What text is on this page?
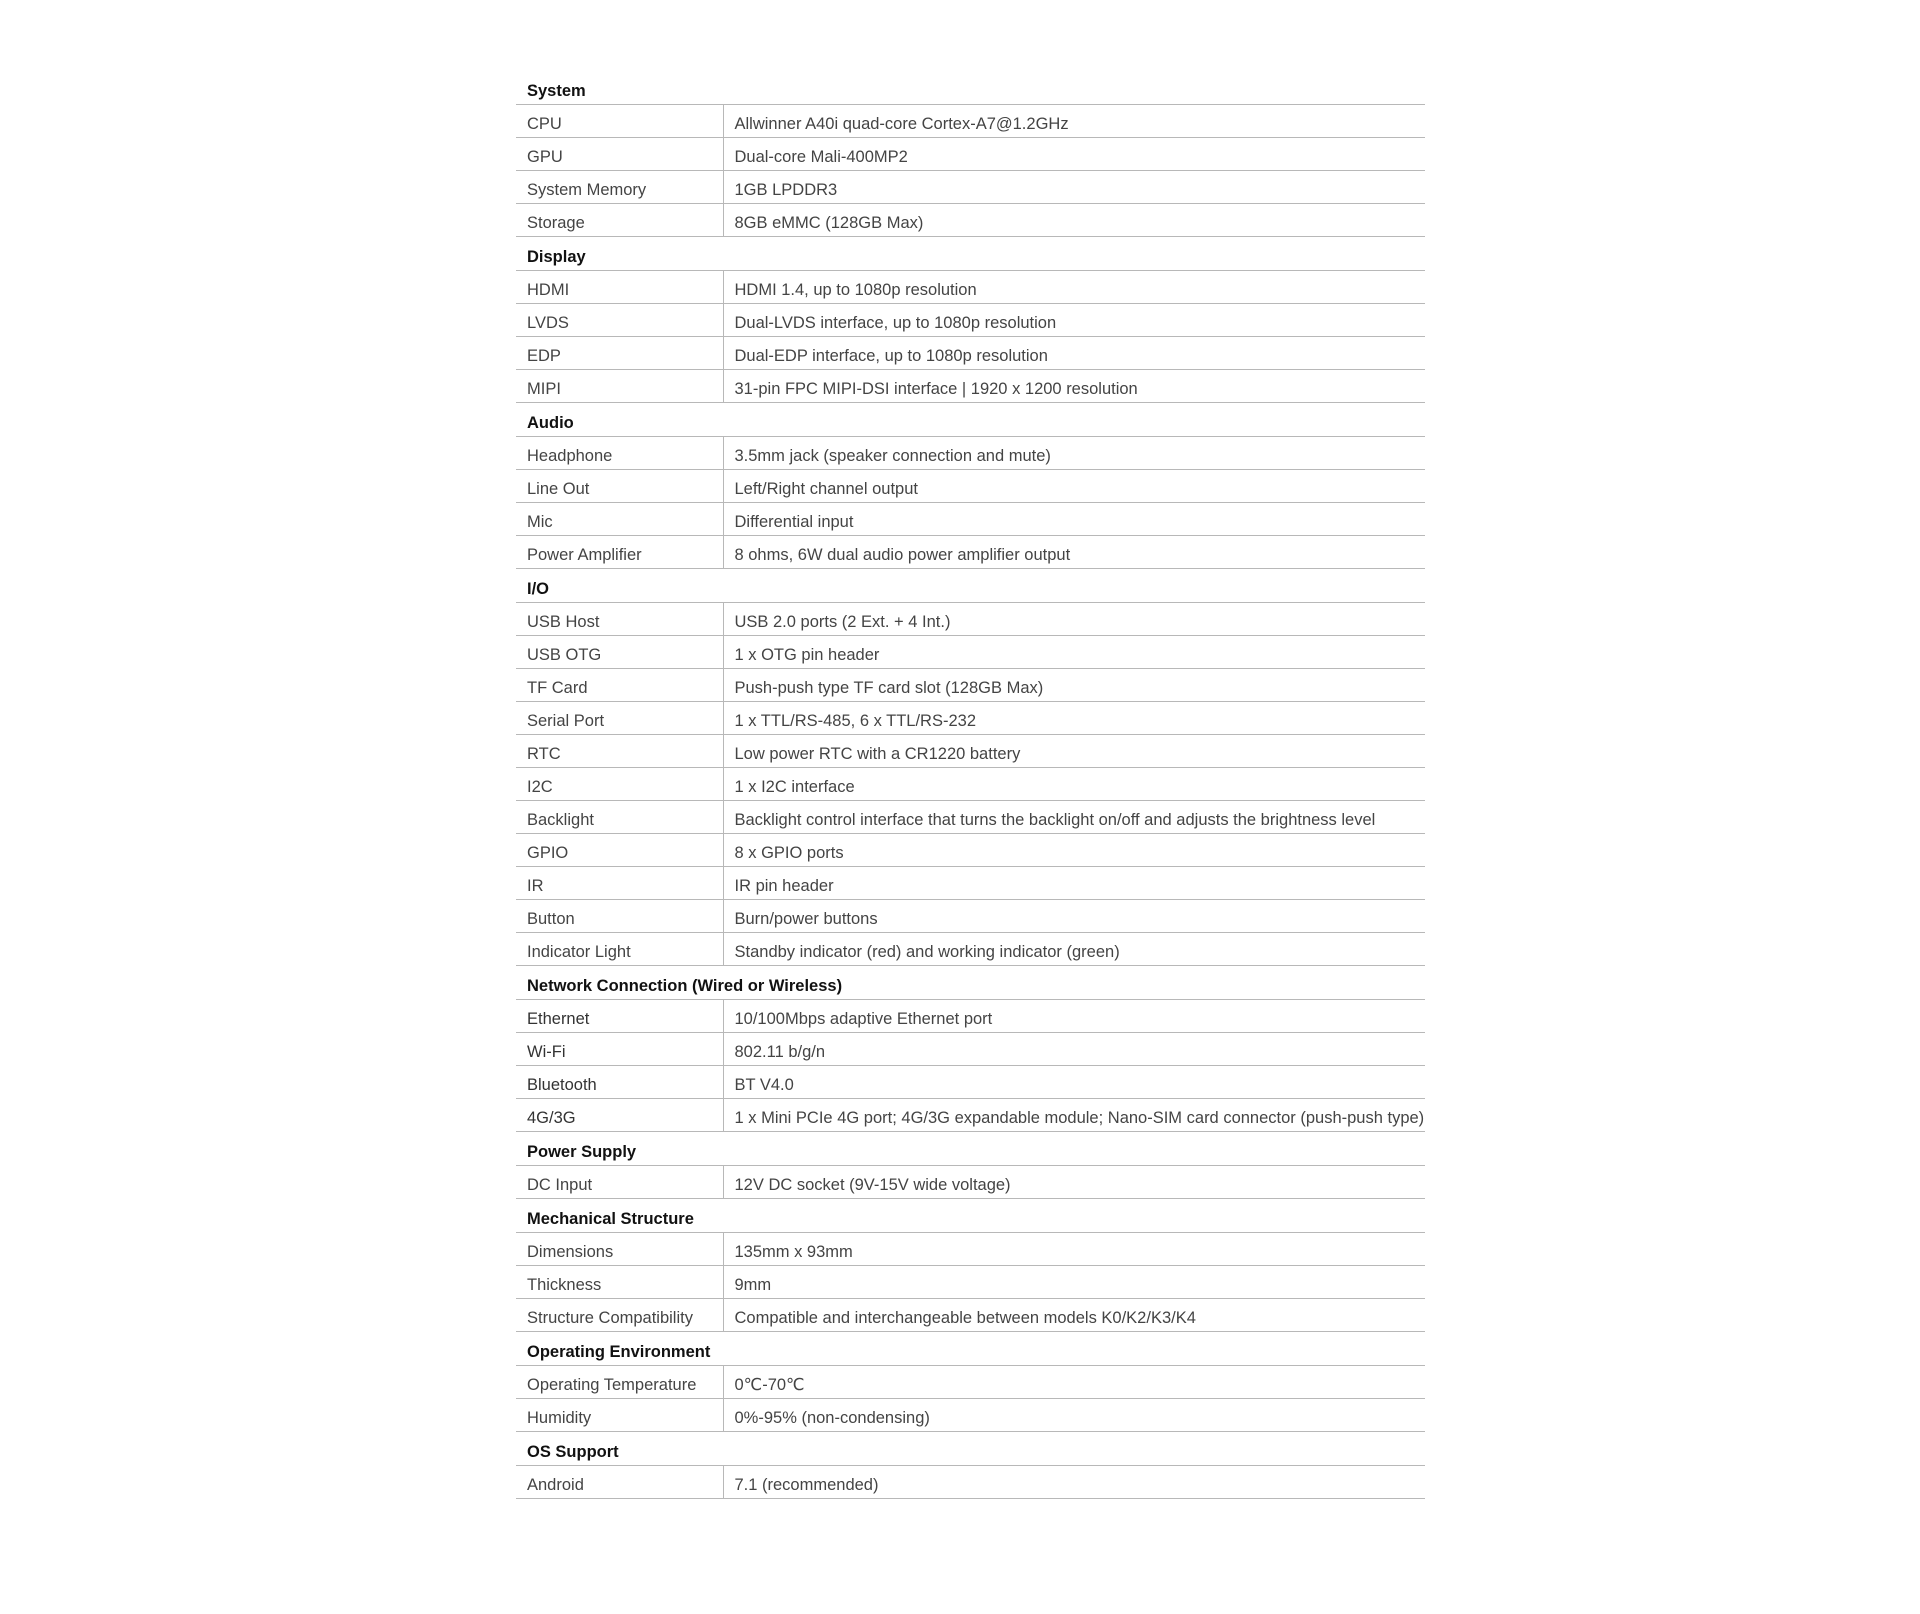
System	
CPU	Allwinner A40i quad-core Cortex-A7@1.2GHz
GPU	Dual-core Mali-400MP2
System Memory	1GB LPDDR3
Storage	8GB eMMC (128GB Max)
Display	
HDMI	HDMI 1.4, up to 1080p resolution
LVDS	Dual-LVDS interface, up to 1080p resolution
EDP	Dual-EDP interface, up to 1080p resolution
MIPI	31-pin FPC MIPI-DSI interface | 1920 x 1200 resolution
Audio	
Headphone	3.5mm jack (speaker connection and mute)
Line Out	Left/Right channel output
Mic	Differential input
Power Amplifier	8 ohms, 6W dual audio power amplifier output
I/O	
USB Host	USB 2.0 ports (2 Ext. + 4 Int.)
USB OTG	1 x OTG pin header
TF Card	Push-push type TF card slot (128GB Max)
Serial Port	1 x TTL/RS-485, 6 x TTL/RS-232
RTC	Low power RTC with a CR1220 battery
I2C	1 x I2C interface
Backlight	Backlight control interface that turns the backlight on/off and adjusts the brightness level
GPIO	8 x GPIO ports
IR	IR pin header
Button	Burn/power buttons
Indicator Light	Standby indicator (red) and working indicator (green)
Network Connection (Wired or Wireless)	
Ethernet	10/100Mbps adaptive Ethernet port
Wi-Fi	802.11 b/g/n
Bluetooth	BT V4.0
4G/3G	1 x Mini PCIe 4G port; 4G/3G expandable module; Nano-SIM card connector (push-push type)
Power Supply	
DC Input	12V DC socket (9V-15V wide voltage)
Mechanical Structure	
Dimensions	135mm x 93mm
Thickness	9mm
Structure Compatibility	Compatible and interchangeable between models K0/K2/K3/K4
Operating Environment	
Operating Temperature	0℃-70℃
Humidity	0%-95% (non-condensing)
OS Support	
Android	7.1 (recommended)
